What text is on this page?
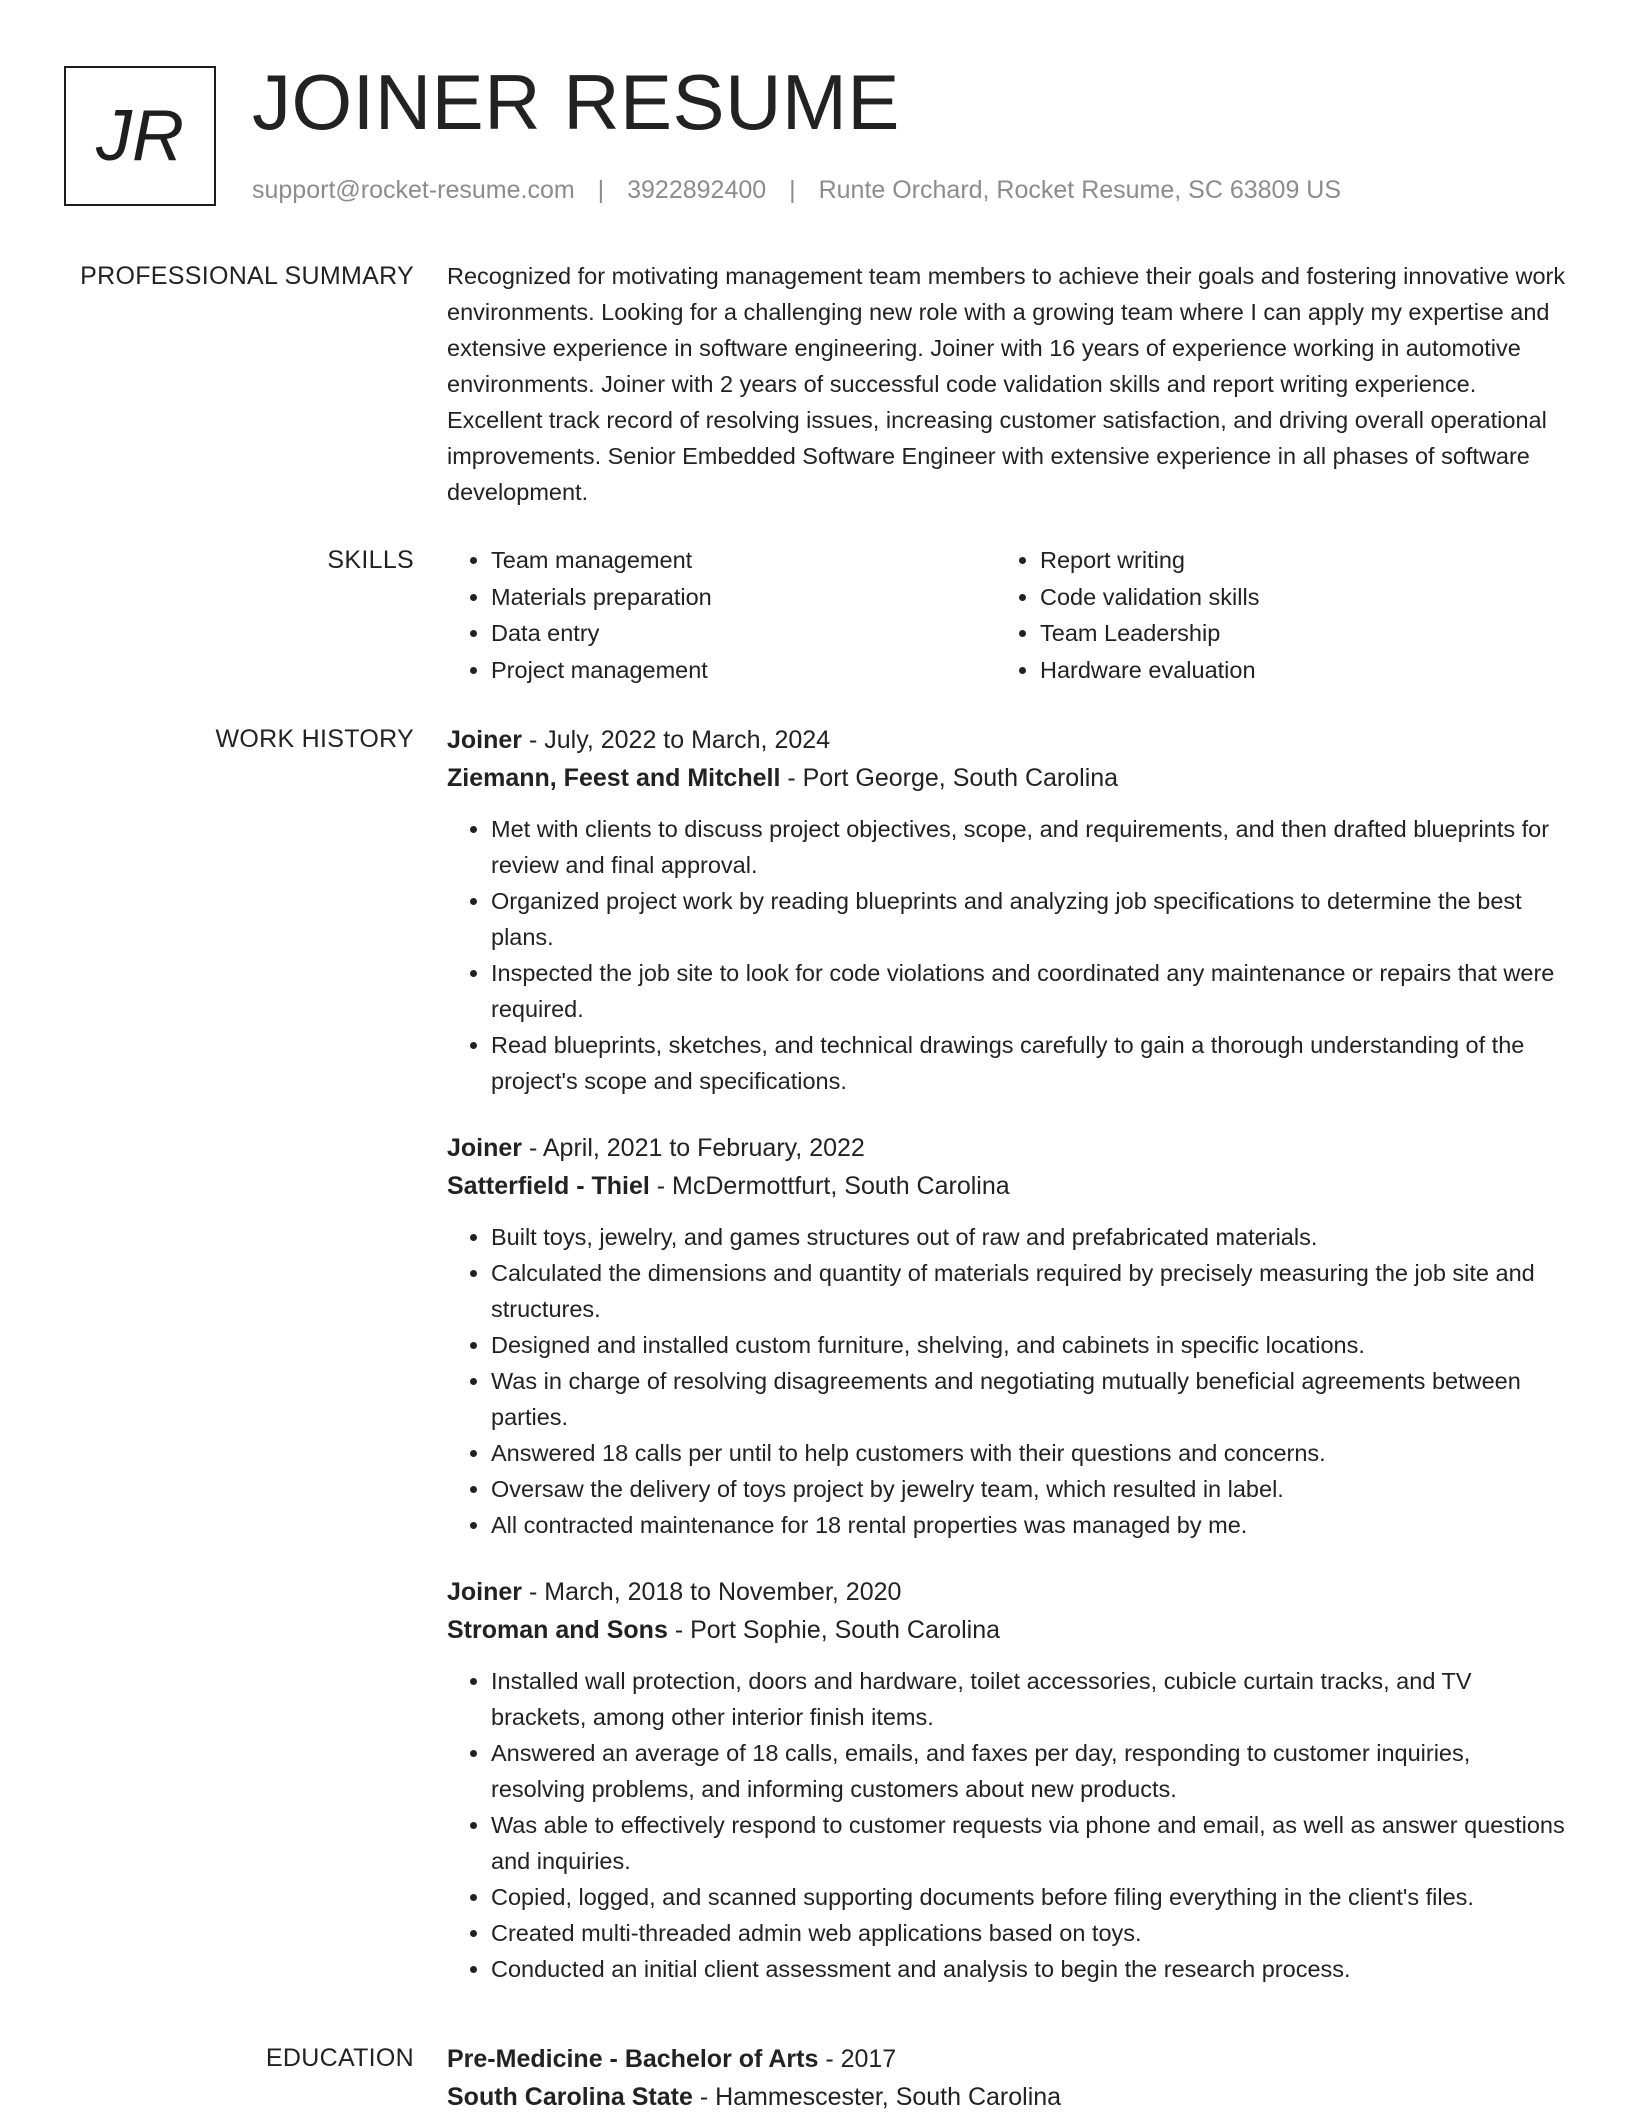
JR JOINER RESUME
support@rocket-resume.com | 3922892400 | Runte Orchard, Rocket Resume, SC 63809 US
PROFESSIONAL SUMMARY Recognized for motivating management team members to achieve their goals and fostering innovative work environments. Looking for a challenging new role with a growing team where I can apply my expertise and extensive experience in software engineering. Joiner with 16 years of experience working in automotive environments. Joiner with 2 years of successful code validation skills and report writing experience. Excellent track record of resolving issues, increasing customer satisfaction, and driving overall operational improvements. Senior Embedded Software Engineer with extensive experience in all phases of software development.

SKILLS
•	Team management
• Materials preparation
• Data entry
• Project management
• Report writing
• Code validation skills
• Team Leadership
• Hardware evaluation
WORK HISTORY Joiner - July, 2022 to March, 2024

Ziemann, Feest and Mitchell - Port George, South Carolina

• Met with clients to discuss project objectives, scope, and requirements, and then drafted blueprints for review and final approval.
• Organized project work by reading blueprints and analyzing job specifications to determine the best plans.
• Inspected the job site to look for code violations and coordinated any maintenance or repairs that were required.
• Read blueprints, sketches, and technical drawings carefully to gain a thorough understanding of the project's scope and specifications.

Joiner - April, 2021 to February, 2022

Satterfield - Thiel - McDermottfurt, South Carolina

• Built toys, jewelry, and games structures out of raw and prefabricated materials.
• Calculated the dimensions and quantity of materials required by precisely measuring the job site and structures.
• Designed and installed custom furniture, shelving, and cabinets in specific locations.
• Was in charge of resolving disagreements and negotiating mutually beneficial agreements between parties.
• Answered 18 calls per until to help customers with their questions and concerns.
• Oversaw the delivery of toys project by jewelry team, which resulted in label.
• All contracted maintenance for 18 rental properties was managed by me.

Joiner - March, 2018 to November, 2020

Stroman and Sons - Port Sophie, South Carolina

• Installed wall protection, doors and hardware, toilet accessories, cubicle curtain tracks, and TV brackets, among other interior finish items.
• Answered an average of 18 calls, emails, and faxes per day, responding to customer inquiries, resolving problems, and informing customers about new products.
• Was able to effectively respond to customer requests via phone and email, as well as answer questions and inquiries.
• Copied, logged, and scanned supporting documents before filing everything in the client's files.
• Created multi-threaded admin web applications based on toys.
• Conducted an initial client assessment and analysis to begin the research process.
EDUCATION Pre-Medicine - Bachelor of Arts - 2017

South Carolina State - Hammescester, South Carolina
